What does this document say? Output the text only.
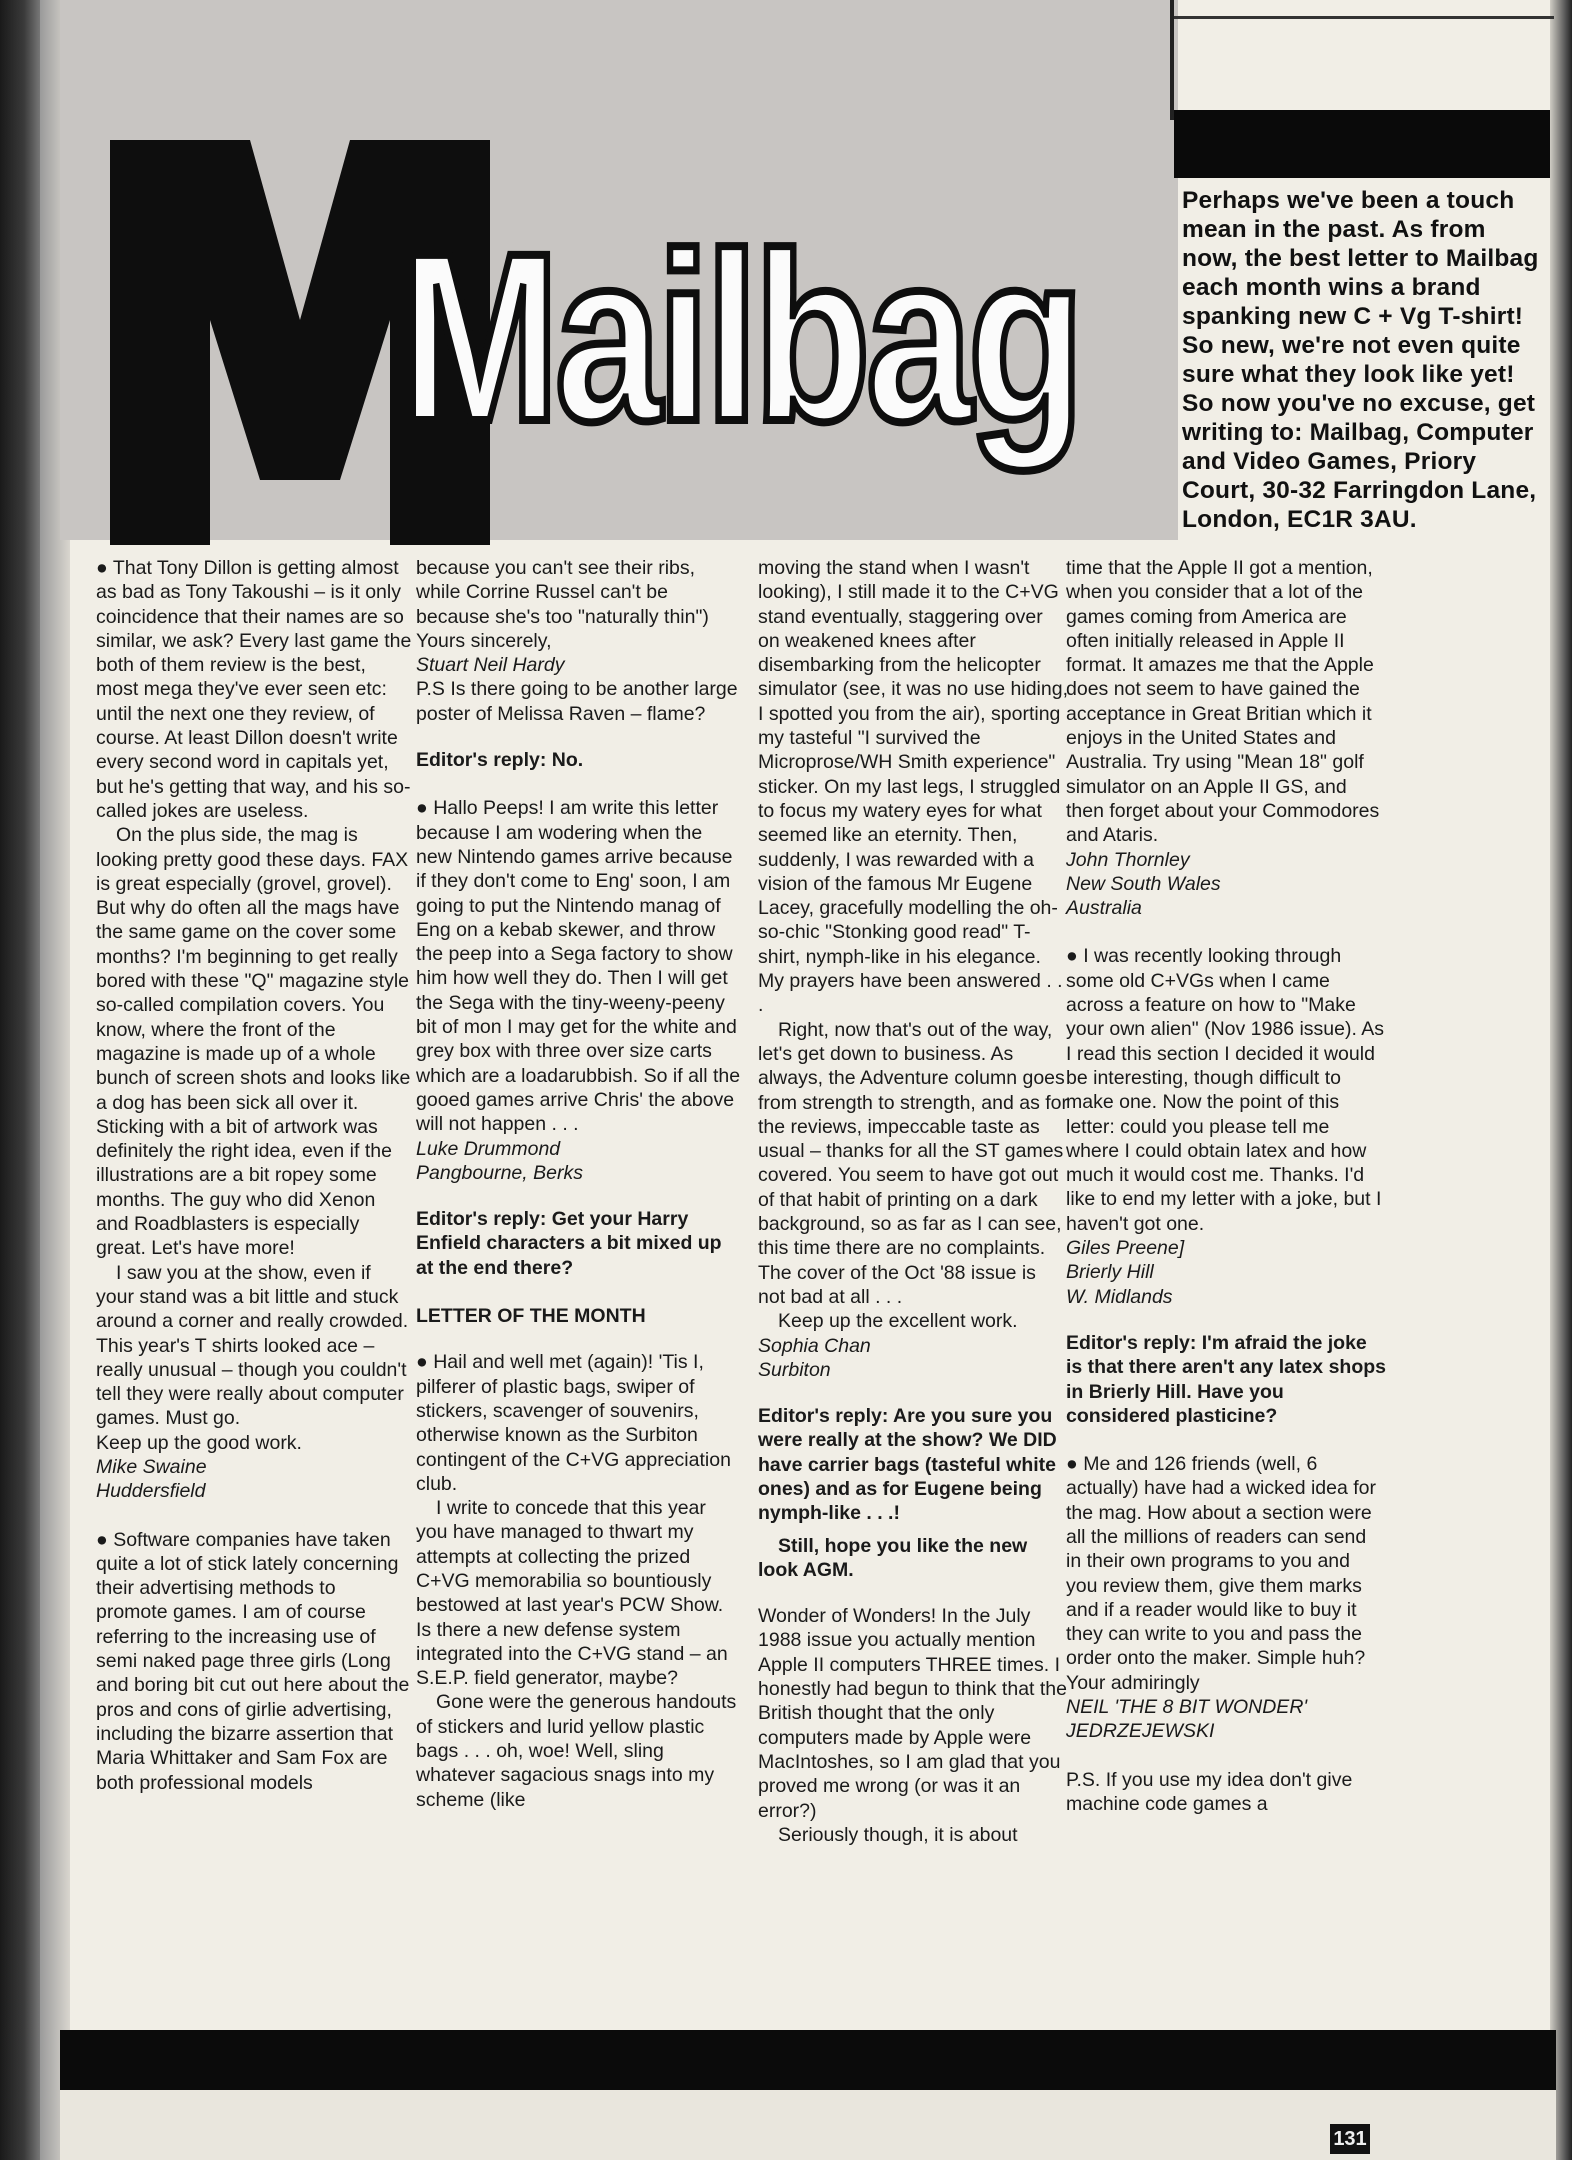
Mailbag
Perhaps we've been a touch mean in the past. As from now, the best letter to Mailbag each month wins a brand spanking new C + Vg T-shirt! So new, we're not even quite sure what they look like yet! So now you've no excuse, get writing to: Mailbag, Computer and Video Games, Priory Court, 30-32 Farringdon Lane, London, EC1R 3AU.

● That Tony Dillon is getting almost as bad as Tony Takoushi – is it only coincidence that their names are so similar, we ask? Every last game the both of them review is the best, most mega they've ever seen etc: until the next one they review, of course. At least Dillon doesn't write every second word in capitals yet, but he's getting that way, and his so-called jokes are useless.

On the plus side, the mag is looking pretty good these days. FAX is great especially (grovel, grovel). But why do often all the mags have the same game on the cover some months? I'm beginning to get really bored with these "Q" magazine style so-called compilation covers. You know, where the front of the magazine is made up of a whole bunch of screen shots and looks like a dog has been sick all over it. Sticking with a bit of artwork was definitely the right idea, even if the illustrations are a bit ropey some months. The guy who did Xenon and Roadblasters is especially great. Let's have more!

I saw you at the show, even if your stand was a bit little and stuck around a corner and really crowded. This year's T shirts looked ace – really unusual – though you couldn't tell they were really about computer games. Must go.

Keep up the good work.

Mike Swaine

Huddersfield

● Software companies have taken quite a lot of stick lately concerning their advertising methods to promote games. I am of course referring to the increasing use of semi naked page three girls (Long and boring bit cut out here about the pros and cons of girlie advertising, including the bizarre assertion that Maria Whittaker and Sam Fox are both professional models

because you can't see their ribs, while Corrine Russel can't be because she's too "naturally thin")

Yours sincerely,

Stuart Neil Hardy

P.S Is there going to be another large poster of Melissa Raven – flame?

Editor's reply: No.

● Hallo Peeps! I am write this letter because I am wodering when the new Nintendo games arrive because if they don't come to Eng' soon, I am going to put the Nintendo manag of Eng on a kebab skewer, and throw the peep into a Sega factory to show him how well they do. Then I will get the Sega with the tiny-weeny-peeny bit of mon I may get for the white and grey box with three over size carts which are a loadarubbish. So if all the gooed games arrive Chris' the above will not happen . . .

Luke Drummond

Pangbourne, Berks

Editor's reply: Get your Harry Enfield characters a bit mixed up at the end there?

LETTER OF THE MONTH

● Hail and well met (again)! 'Tis I, pilferer of plastic bags, swiper of stickers, scavenger of souvenirs, otherwise known as the Surbiton contingent of the C+VG appreciation club.

I write to concede that this year you have managed to thwart my attempts at collecting the prized C+VG memorabilia so bountiously bestowed at last year's PCW Show. Is there a new defense system integrated into the C+VG stand – an S.E.P. field generator, maybe?

Gone were the generous handouts of stickers and lurid yellow plastic bags . . . oh, woe! Well, sling whatever sagacious snags into my scheme (like

moving the stand when I wasn't looking), I still made it to the C+VG stand eventually, staggering over on weakened knees after disembarking from the helicopter simulator (see, it was no use hiding, I spotted you from the air), sporting my tasteful "I survived the Microprose/WH Smith experience" sticker. On my last legs, I struggled to focus my watery eyes for what seemed like an eternity. Then, suddenly, I was rewarded with a vision of the famous Mr Eugene Lacey, gracefully modelling the oh-so-chic "Stonking good read" T-shirt, nymph-like in his elegance. My prayers have been answered . . .

Right, now that's out of the way, let's get down to business. As always, the Adventure column goes from strength to strength, and as for the reviews, impeccable taste as usual – thanks for all the ST games covered. You seem to have got out of that habit of printing on a dark background, so as far as I can see, this time there are no complaints. The cover of the Oct '88 issue is not bad at all . . .

Keep up the excellent work.

Sophia Chan

Surbiton

Editor's reply: Are you sure you were really at the show? We DID have carrier bags (tasteful white ones) and as for Eugene being nymph-like . . .!

Still, hope you like the new look AGM.

Wonder of Wonders! In the July 1988 issue you actually mention Apple II computers THREE times. I honestly had begun to think that the British thought that the only computers made by Apple were MacIntoshes, so I am glad that you proved me wrong (or was it an error?)

Seriously though, it is about

time that the Apple II got a mention, when you consider that a lot of the games coming from America are often initially released in Apple II format. It amazes me that the Apple does not seem to have gained the acceptance in Great Britian which it enjoys in the United States and Australia. Try using "Mean 18" golf simulator on an Apple II GS, and then forget about your Commodores and Ataris.

John Thornley

New South Wales

Australia

● I was recently looking through some old C+VGs when I came across a feature on how to "Make your own alien" (Nov 1986 issue). As I read this section I decided it would be interesting, though difficult to make one. Now the point of this letter: could you please tell me where I could obtain latex and how much it would cost me. Thanks. I'd like to end my letter with a joke, but I haven't got one.

Giles Preene]

Brierly Hill

W. Midlands

Editor's reply: I'm afraid the joke is that there aren't any latex shops in Brierly Hill. Have you considered plasticine?

● Me and 126 friends (well, 6 actually) have had a wicked idea for the mag. How about a section were all the millions of readers can send in their own programs to you and you review them, give them marks and if a reader would like to buy it they can write to you and pass the order onto the maker. Simple huh?

Your admiringly

NEIL 'THE 8 BIT WONDER'

JEDRZEJEWSKI

P.S. If you use my idea don't give machine code games a

131
